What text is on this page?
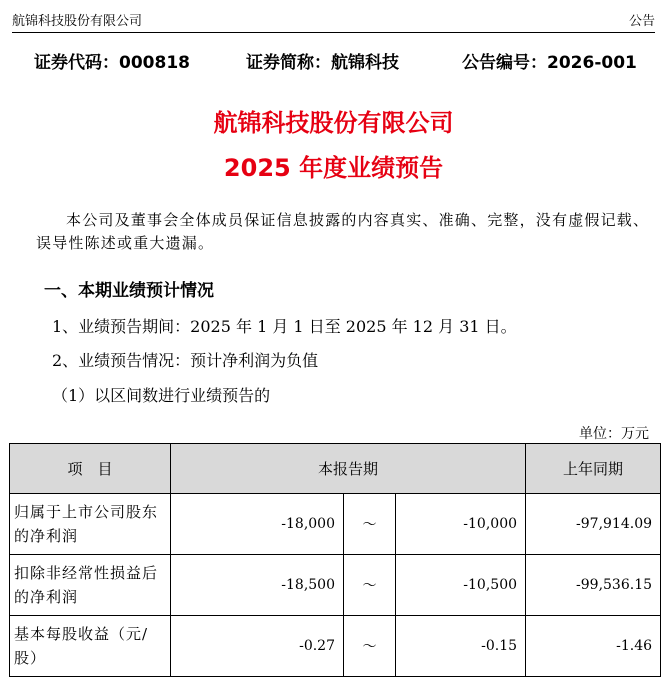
航锦科技股份有限公司	公告
证券代码：000818	证券简称：航锦科技	公告编号：2026-001
航锦科技股份有限公司
2025 年度业绩预告
本公司及董事会全体成员保证信息披露的内容真实、准确、完整，没有虚假记载、误导性陈述或重大遗漏。
一、本期业绩预计情况
1、业绩预告期间：2025 年 1 月 1 日至 2025 年 12 月 31 日。
2、业绩预告情况：预计净利润为负值
（1）以区间数进行业绩预告的
单位：万元
项　目	本报告期			上年同期
归属于上市公司股东的净利润	-18,000	～	-10,000	-97,914.09
扣除非经常性损益后的净利润	-18,500	～	-10,500	-99,536.15
基本每股收益（元/股）	-0.27	～	-0.15	-1.46
